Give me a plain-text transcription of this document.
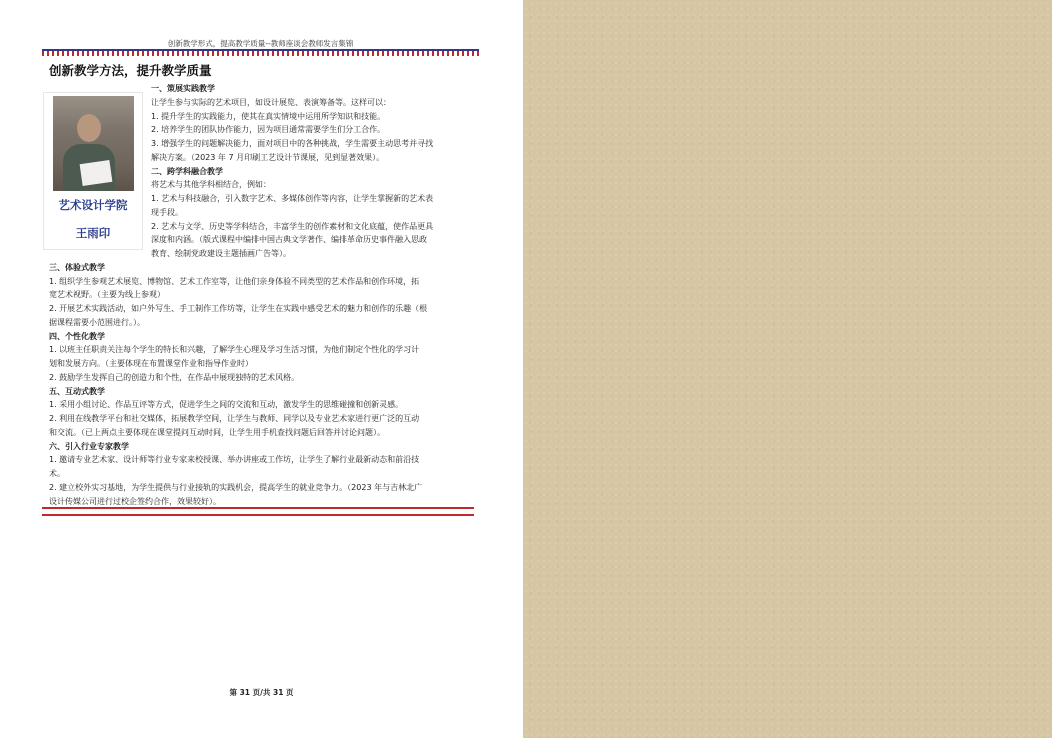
创新教学形式，提高教学质量--教师座谈会教师发言集锦
创新教学方法，提升教学质量
艺术设计学院
王雨印
一、策展实践教学
让学生参与实际的艺术项目，如设计展览、表演筹备等。这样可以：
1. 提升学生的实践能力，使其在真实情境中运用所学知识和技能。
2. 培养学生的团队协作能力，因为项目通常需要学生们分工合作。
3. 增强学生的问题解决能力，面对项目中的各种挑战，学生需要主动思考并寻找
解决方案。（2023 年 7 月印刷工艺设计节课展，见到显著效果）。
二、跨学科融合教学
将艺术与其他学科相结合，例如：
1. 艺术与科技融合，引入数字艺术、多媒体创作等内容，让学生掌握新的艺术表
现手段。
2. 艺术与文学、历史等学科结合，丰富学生的创作素材和文化底蕴，使作品更具
深度和内涵。（版式课程中编排中国古典文学著作、编排革命历史事件融入思政
教育、绘制党政建设主题插画广告等）。
三、体验式教学
1. 组织学生参观艺术展览、博物馆、艺术工作室等，让他们亲身体验不同类型的艺术作品和创作环境，拓
宽艺术视野。（主要为线上参观）
2. 开展艺术实践活动，如户外写生、手工制作工作坊等，让学生在实践中感受艺术的魅力和创作的乐趣（根
据课程需要小范围进行。）。
四、个性化教学
1. 以班主任职责关注每个学生的特长和兴趣，了解学生心理及学习生活习惯，为他们制定个性化的学习计
划和发展方向。（主要体现在布置课堂作业和指导作业时）
2. 鼓励学生发挥自己的创造力和个性，在作品中展现独特的艺术风格。
五、互动式教学
1. 采用小组讨论、作品互评等方式，促进学生之间的交流和互动，激发学生的思维碰撞和创新灵感。
2. 利用在线教学平台和社交媒体，拓展教学空间，让学生与教师、同学以及专业艺术家进行更广泛的互动
和交流。（已上两点主要体现在课堂提问互动时间，让学生用手机查找问题后回答并讨论问题）。
六、引入行业专家教学
1. 邀请专业艺术家、设计师等行业专家来校授课、举办讲座或工作坊，让学生了解行业最新动态和前沿技
术。
2. 建立校外实习基地，为学生提供与行业接轨的实践机会，提高学生的就业竞争力。（2023 年与吉林北广
设计传媒公司进行过校企签约合作，效果较好）。
第 31 页/共 31 页
